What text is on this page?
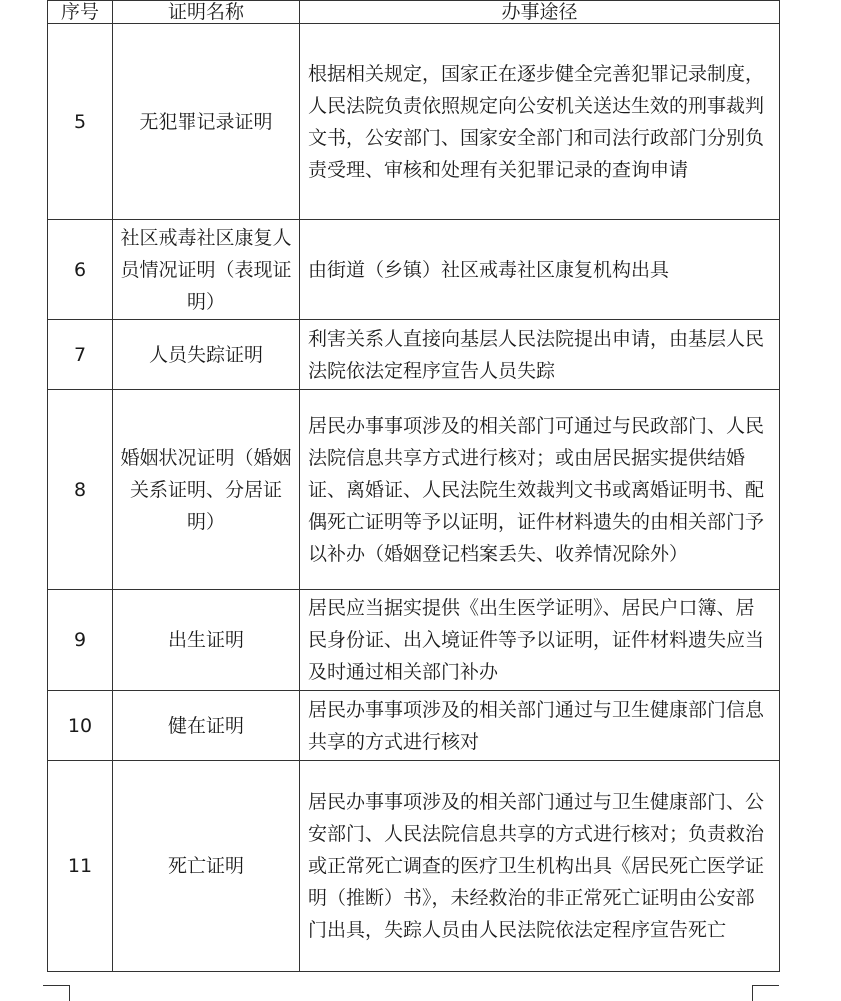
序号	证明名称	办事途径
5	无犯罪记录证明	根据相关规定，国家正在逐步健全完善犯罪记录制度，人民法院负责依照规定向公安机关送达生效的刑事裁判文书，公安部门、国家安全部门和司法行政部门分别负责受理、审核和处理有关犯罪记录的查询申请
6	社区戒毒社区康复人员情况证明（表现证明）	由街道（乡镇）社区戒毒社区康复机构出具
7	人员失踪证明	利害关系人直接向基层人民法院提出申请，由基层人民法院依法定程序宣告人员失踪
8	婚姻状况证明（婚姻关系证明、分居证明）	居民办事事项涉及的相关部门可通过与民政部门、人民法院信息共享方式进行核对；或由居民据实提供结婚证、离婚证、人民法院生效裁判文书或离婚证明书、配偶死亡证明等予以证明，证件材料遗失的由相关部门予以补办（婚姻登记档案丢失、收养情况除外）
9	出生证明	居民应当据实提供《出生医学证明》、居民户口簿、居民身份证、出入境证件等予以证明，证件材料遗失应当及时通过相关部门补办
10	健在证明	居民办事事项涉及的相关部门通过与卫生健康部门信息共享的方式进行核对
11	死亡证明	居民办事事项涉及的相关部门通过与卫生健康部门、公安部门、人民法院信息共享的方式进行核对；负责救治或正常死亡调查的医疗卫生机构出具《居民死亡医学证明（推断）书》，未经救治的非正常死亡证明由公安部门出具，失踪人员由人民法院依法定程序宣告死亡
